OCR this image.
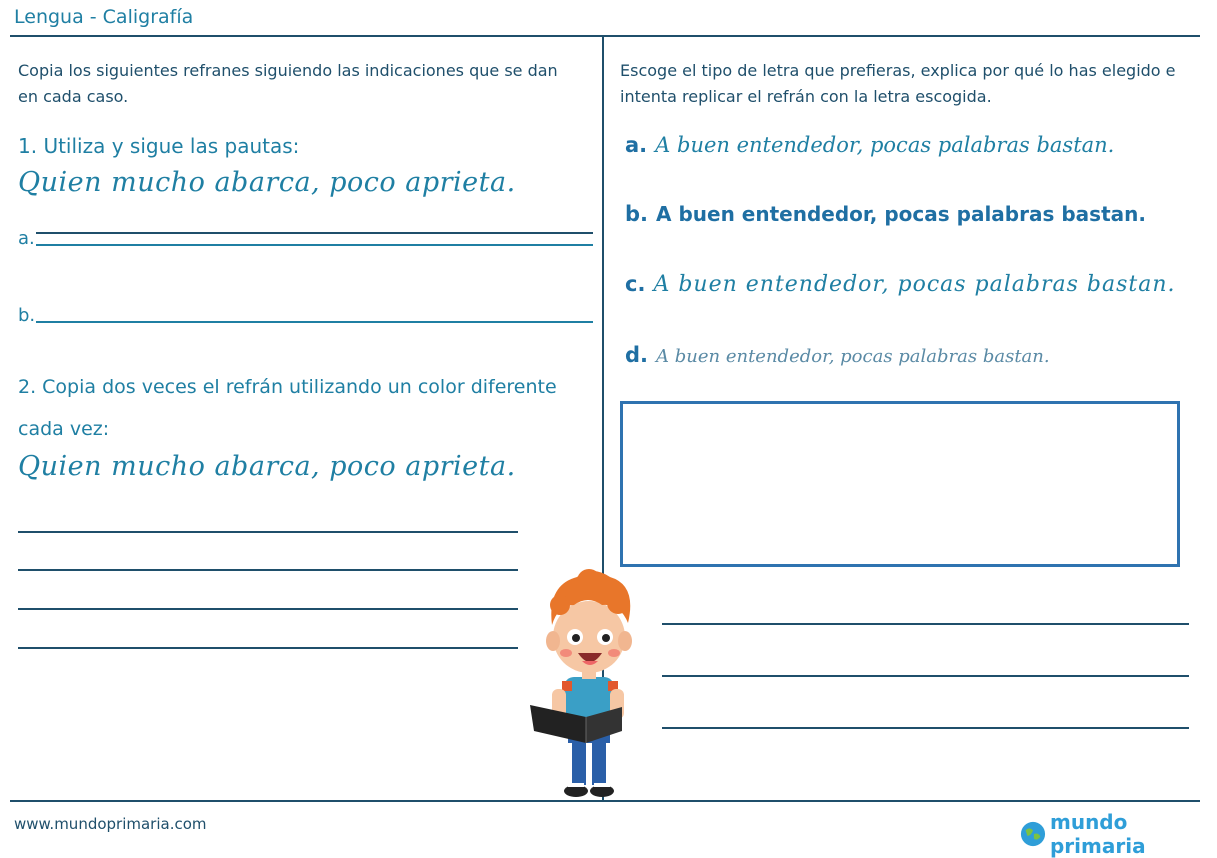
Lengua - Caligrafía
Copia los siguientes refranes siguiendo las indicaciones que se dan en cada caso.
1. Utiliza y sigue las pautas:
Quien mucho abarca, poco aprieta.
a.
b.
2. Copia dos veces el refrán utilizando un color diferente
cada vez:
Quien mucho abarca, poco aprieta.
Escoge el tipo de letra que prefieras, explica por qué lo has elegido e intenta replicar el refrán con la letra escogida.
a. A buen entendedor, pocas palabras bastan.
b. A buen entendedor, pocas palabras bastan.
c. A buen entendedor, pocas palabras bastan.
d. A buen entendedor, pocas palabras bastan.
www.mundoprimaria.com	mundo primaria
